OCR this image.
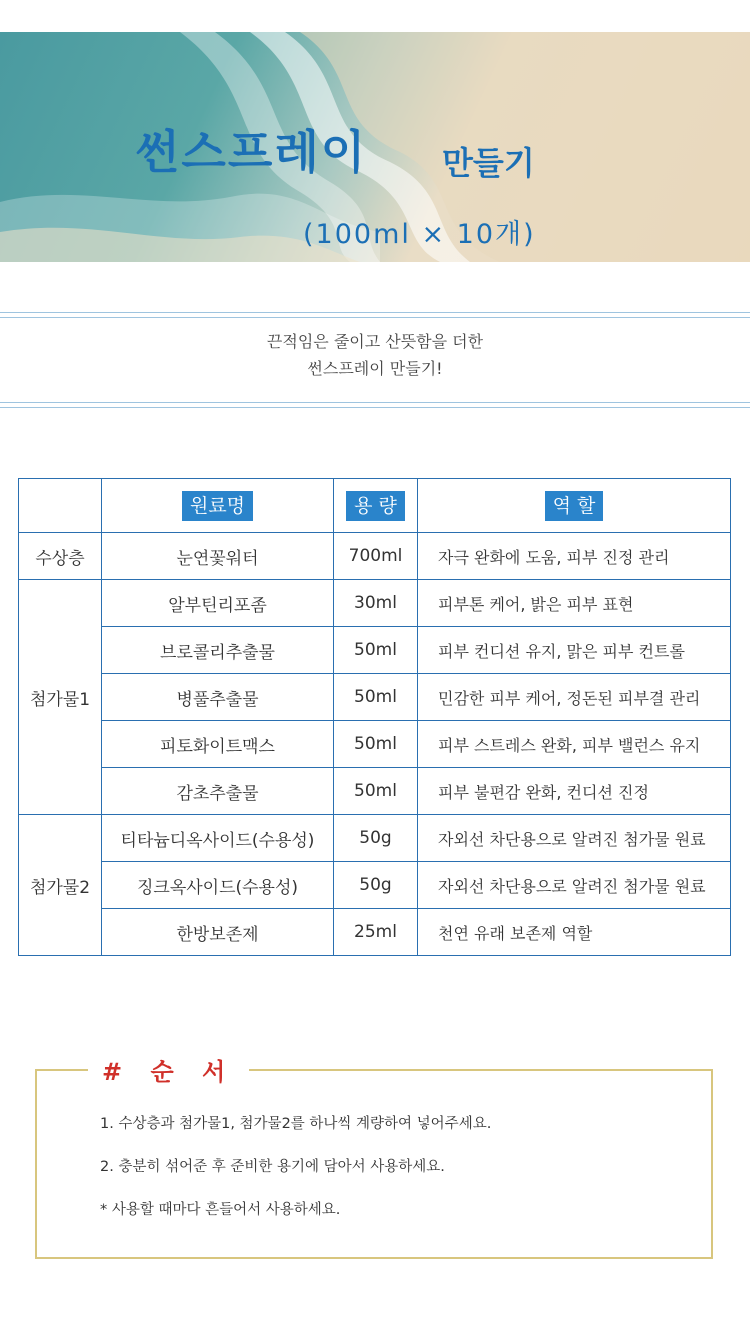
썬스프레이 만들기
(100ml × 10개)
끈적임은 줄이고 산뜻함을 더한
썬스프레이 만들기!
	원료명	용 량	역 할
수상층	눈연꽃워터	700ml	자극 완화에 도움, 피부 진정 관리
첨가물1	알부틴리포좀	30ml	피부톤 케어, 밝은 피부 표현
	브로콜리추출물	50ml	피부 컨디션 유지, 맑은 피부 컨트롤
	병풀추출물	50ml	민감한 피부 케어, 정돈된 피부결 관리
	피토화이트맥스	50ml	피부 스트레스 완화, 피부 밸런스 유지
	감초추출물	50ml	피부 불편감 완화, 컨디션 진정
첨가물2	티타늄디옥사이드(수용성)	50g	자외선 차단용으로 알려진 첨가물 원료
	징크옥사이드(수용성)	50g	자외선 차단용으로 알려진 첨가물 원료
	한방보존제	25ml	천연 유래 보존제 역할
# 순 서
1. 수상층과 첨가물1, 첨가물2를 하나씩 계량하여 넣어주세요.
2. 충분히 섞어준 후 준비한 용기에 담아서 사용하세요.
* 사용할 때마다 흔들어서 사용하세요.
